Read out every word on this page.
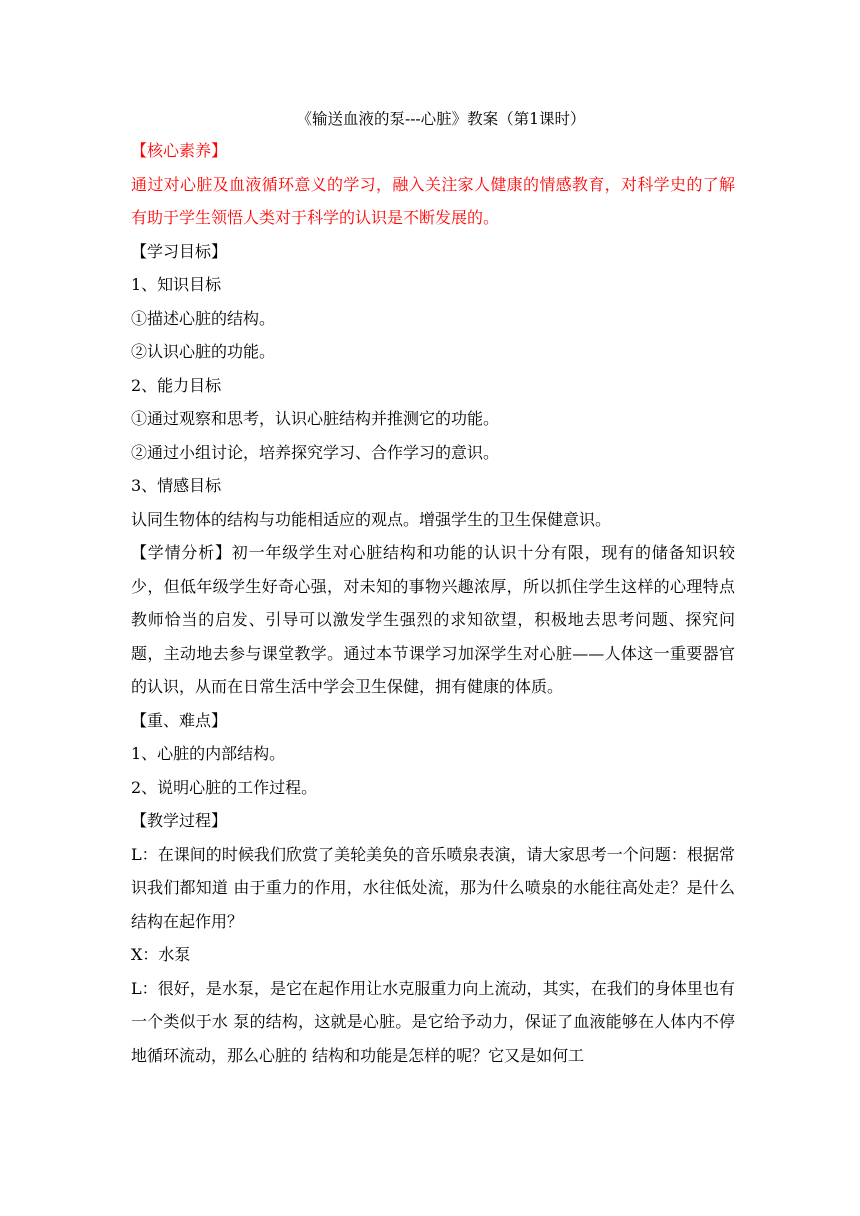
《输送血液的泵---心脏》教案（第1课时）
【核心素养】
通过对心脏及血液循环意义的学习，融入关注家人健康的情感教育，对科学史的了解有助于学生领悟人类对于科学的认识是不断发展的。
【学习目标】
1、知识目标
①描述心脏的结构。
②认识心脏的功能。
2、能力目标
①通过观察和思考，认识心脏结构并推测它的功能。
②通过小组讨论，培养探究学习、合作学习的意识。
3、情感目标
认同生物体的结构与功能相适应的观点。增强学生的卫生保健意识。
【学情分析】初一年级学生对心脏结构和功能的认识十分有限，现有的储备知识较少，但低年级学生好奇心强，对未知的事物兴趣浓厚，所以抓住学生这样的心理特点教师恰当的启发、引导可以激发学生强烈的求知欲望，积极地去思考问题、探究问题，主动地去参与课堂教学。通过本节课学习加深学生对心脏——人体这一重要器官的认识，从而在日常生活中学会卫生保健，拥有健康的体质。
【重、难点】
1、心脏的内部结构。
2、说明心脏的工作过程。
【教学过程】
L：在课间的时候我们欣赏了美轮美奂的音乐喷泉表演，请大家思考一个问题：根据常识我们都知道 由于重力的作用，水往低处流，那为什么喷泉的水能往高处走？是什么结构在起作用？
X：水泵
L：很好，是水泵，是它在起作用让水克服重力向上流动，其实，在我们的身体里也有一个类似于水 泵的结构，这就是心脏。是它给予动力，保证了血液能够在人体内不停地循环流动，那么心脏的 结构和功能是怎样的呢？它又是如何工
